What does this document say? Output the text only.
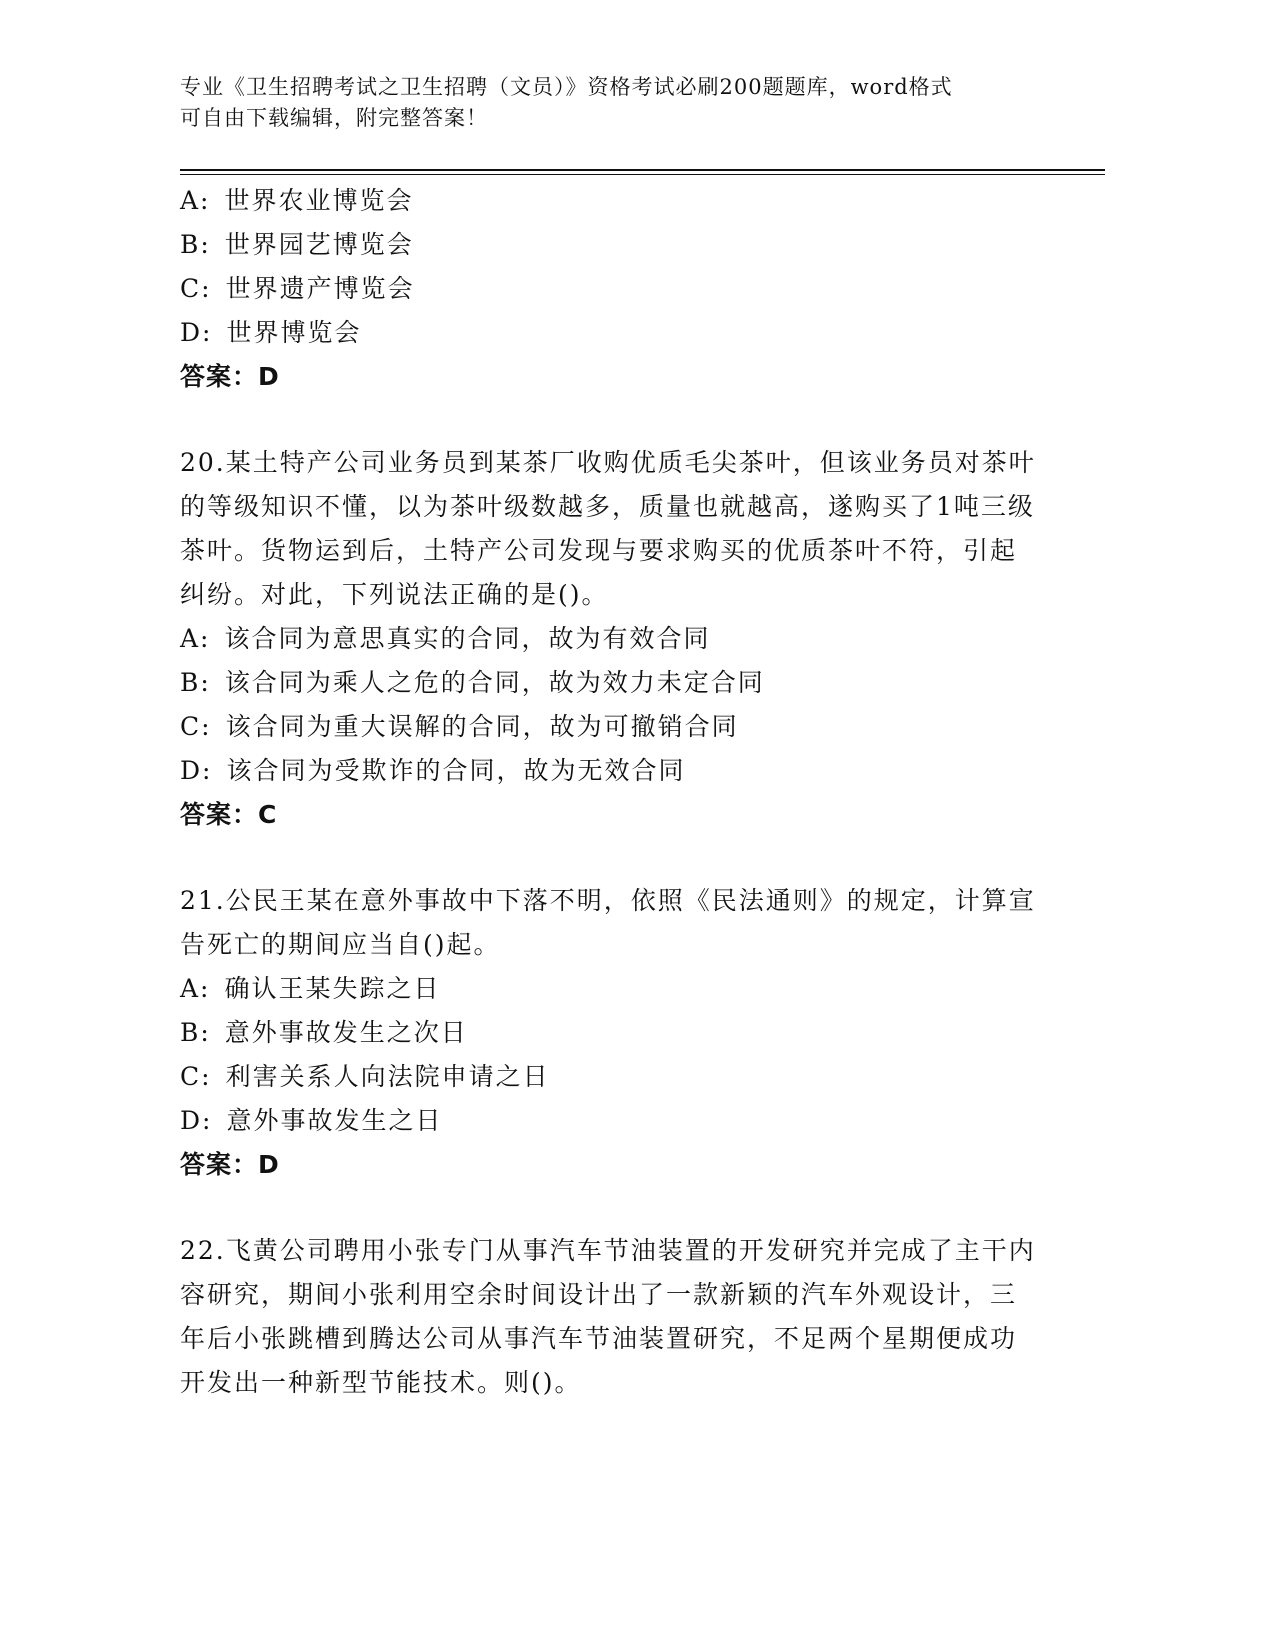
专业《卫生招聘考试之卫生招聘（文员）》资格考试必刷200题题库，word格式
可自由下载编辑，附完整答案！
A: 世界农业博览会
B: 世界园艺博览会
C: 世界遗产博览会
D: 世界博览会
答案：D
20.某土特产公司业务员到某茶厂收购优质毛尖茶叶，但该业务员对茶叶的等级知识不懂，以为茶叶级数越多，质量也就越高，遂购买了1吨三级茶叶。货物运到后，土特产公司发现与要求购买的优质茶叶不符，引起纠纷。对此，下列说法正确的是()。
A: 该合同为意思真实的合同，故为有效合同
B: 该合同为乘人之危的合同，故为效力未定合同
C: 该合同为重大误解的合同，故为可撤销合同
D: 该合同为受欺诈的合同，故为无效合同
答案：C
21.公民王某在意外事故中下落不明，依照《民法通则》的规定，计算宣告死亡的期间应当自()起。
A: 确认王某失踪之日
B: 意外事故发生之次日
C: 利害关系人向法院申请之日
D: 意外事故发生之日
答案：D
22.飞黄公司聘用小张专门从事汽车节油装置的开发研究并完成了主干内容研究，期间小张利用空余时间设计出了一款新颖的汽车外观设计，三年后小张跳槽到腾达公司从事汽车节油装置研究，不足两个星期便成功开发出一种新型节能技术。则()。
